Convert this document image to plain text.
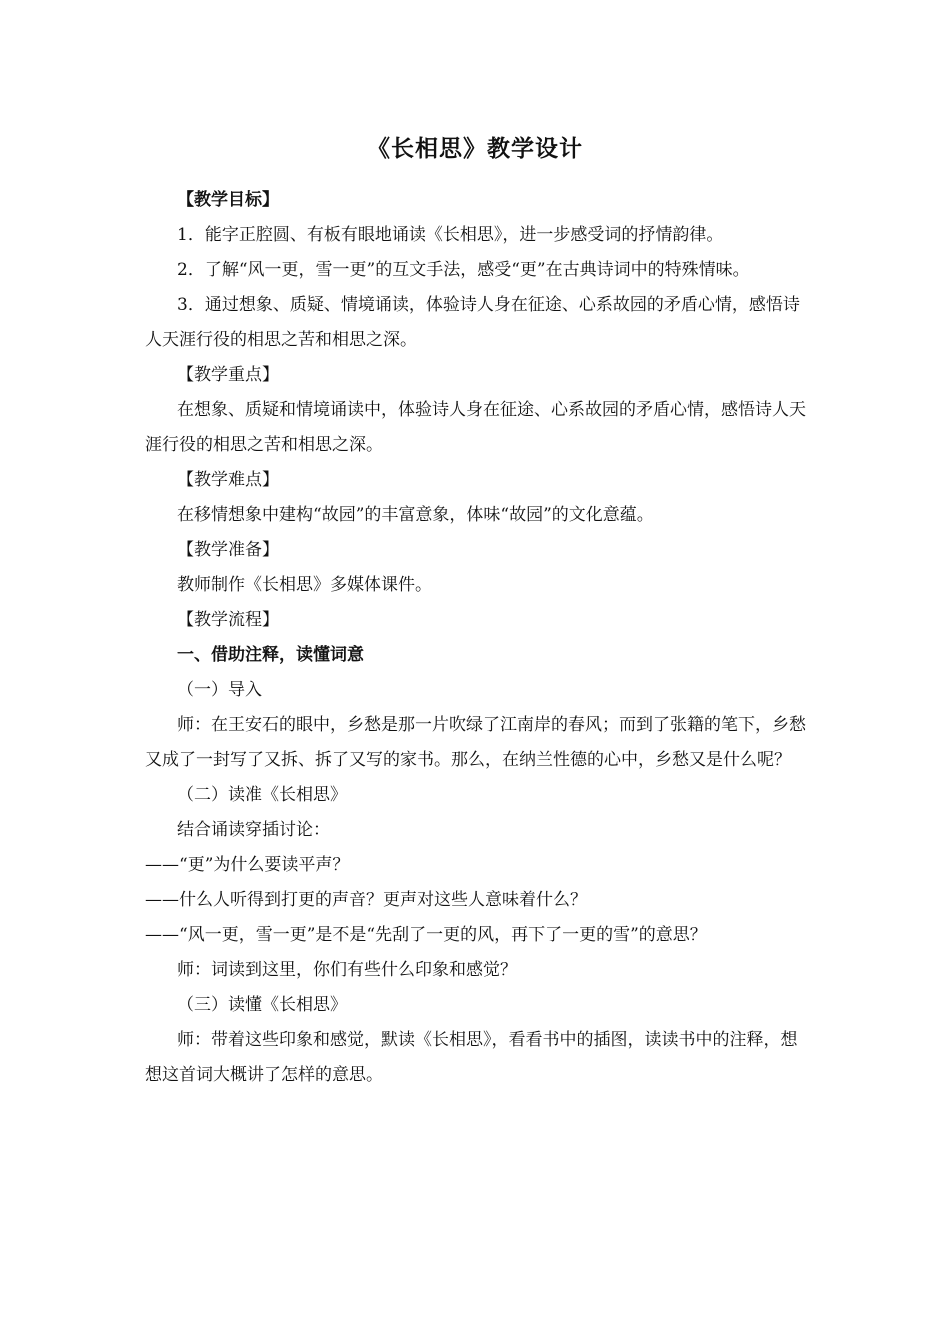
《长相思》教学设计

【教学目标】

1．能字正腔圆、有板有眼地诵读《长相思》，进一步感受词的抒情韵律。

2．了解“风一更，雪一更”的互文手法，感受“更”在古典诗词中的特殊情味。

3．通过想象、质疑、情境诵读，体验诗人身在征途、心系故园的矛盾心情，感悟诗人天涯行役的相思之苦和相思之深。

【教学重点】

在想象、质疑和情境诵读中，体验诗人身在征途、心系故园的矛盾心情，感悟诗人天涯行役的相思之苦和相思之深。

【教学难点】

在移情想象中建构“故园”的丰富意象，体味“故园”的文化意蕴。

【教学准备】

教师制作《长相思》多媒体课件。

【教学流程】

一、借助注释，读懂词意

（一）导入

师：在王安石的眼中，乡愁是那一片吹绿了江南岸的春风；而到了张籍的笔下，乡愁又成了一封写了又拆、拆了又写的家书。那么，在纳兰性德的心中，乡愁又是什么呢？

（二）读准《长相思》

结合诵读穿插讨论：

——“更”为什么要读平声？

——什么人听得到打更的声音？更声对这些人意味着什么？

——“风一更，雪一更”是不是“先刮了一更的风，再下了一更的雪”的意思？

师：词读到这里，你们有些什么印象和感觉？

（三）读懂《长相思》

师：带着这些印象和感觉，默读《长相思》，看看书中的插图，读读书中的注释，想想这首词大概讲了怎样的意思。
